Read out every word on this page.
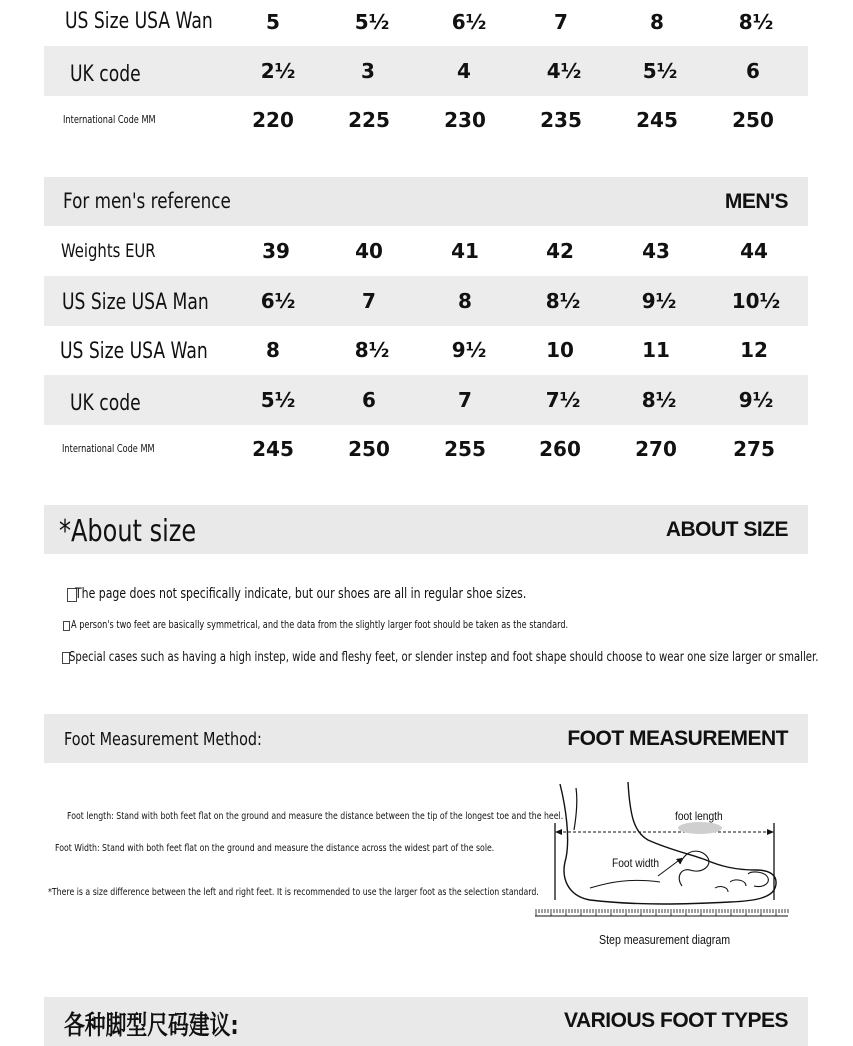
US Size USA Wan	5	5½	6½	7	8	8½
UK code	2½	3	4	4½	5½	6
International Code MM	220	225	230	235	245	250
For men's reference	MEN'S
Weights EUR	39	40	41	42	43	44
US Size USA Man	6½	7	8	8½	9½	10½
US Size USA Wan	8	8½	9½	10	11	12
UK code	5½	6	7	7½	8½	9½
International Code MM	245	250	255	260	270	275
*About size	ABOUT SIZE
The page does not specifically indicate, but our shoes are all in regular shoe sizes.
A person's two feet are basically symmetrical, and the data from the slightly larger foot should be taken as the standard.
Special cases such as having a high instep, wide and fleshy feet, or slender instep and foot shape should choose to wear one size larger or smaller.
Foot Measurement Method:	FOOT MEASUREMENT
Foot length: Stand with both feet flat on the ground and measure the distance between the tip of the longest toe and the heel.
Foot Width: Stand with both feet flat on the ground and measure the distance across the widest part of the sole.
*There is a size difference between the left and right feet. It is recommended to use the larger foot as the selection standard.
foot length
Foot width
Step measurement diagram
各种脚型尺码建议:	VARIOUS FOOT TYPES
